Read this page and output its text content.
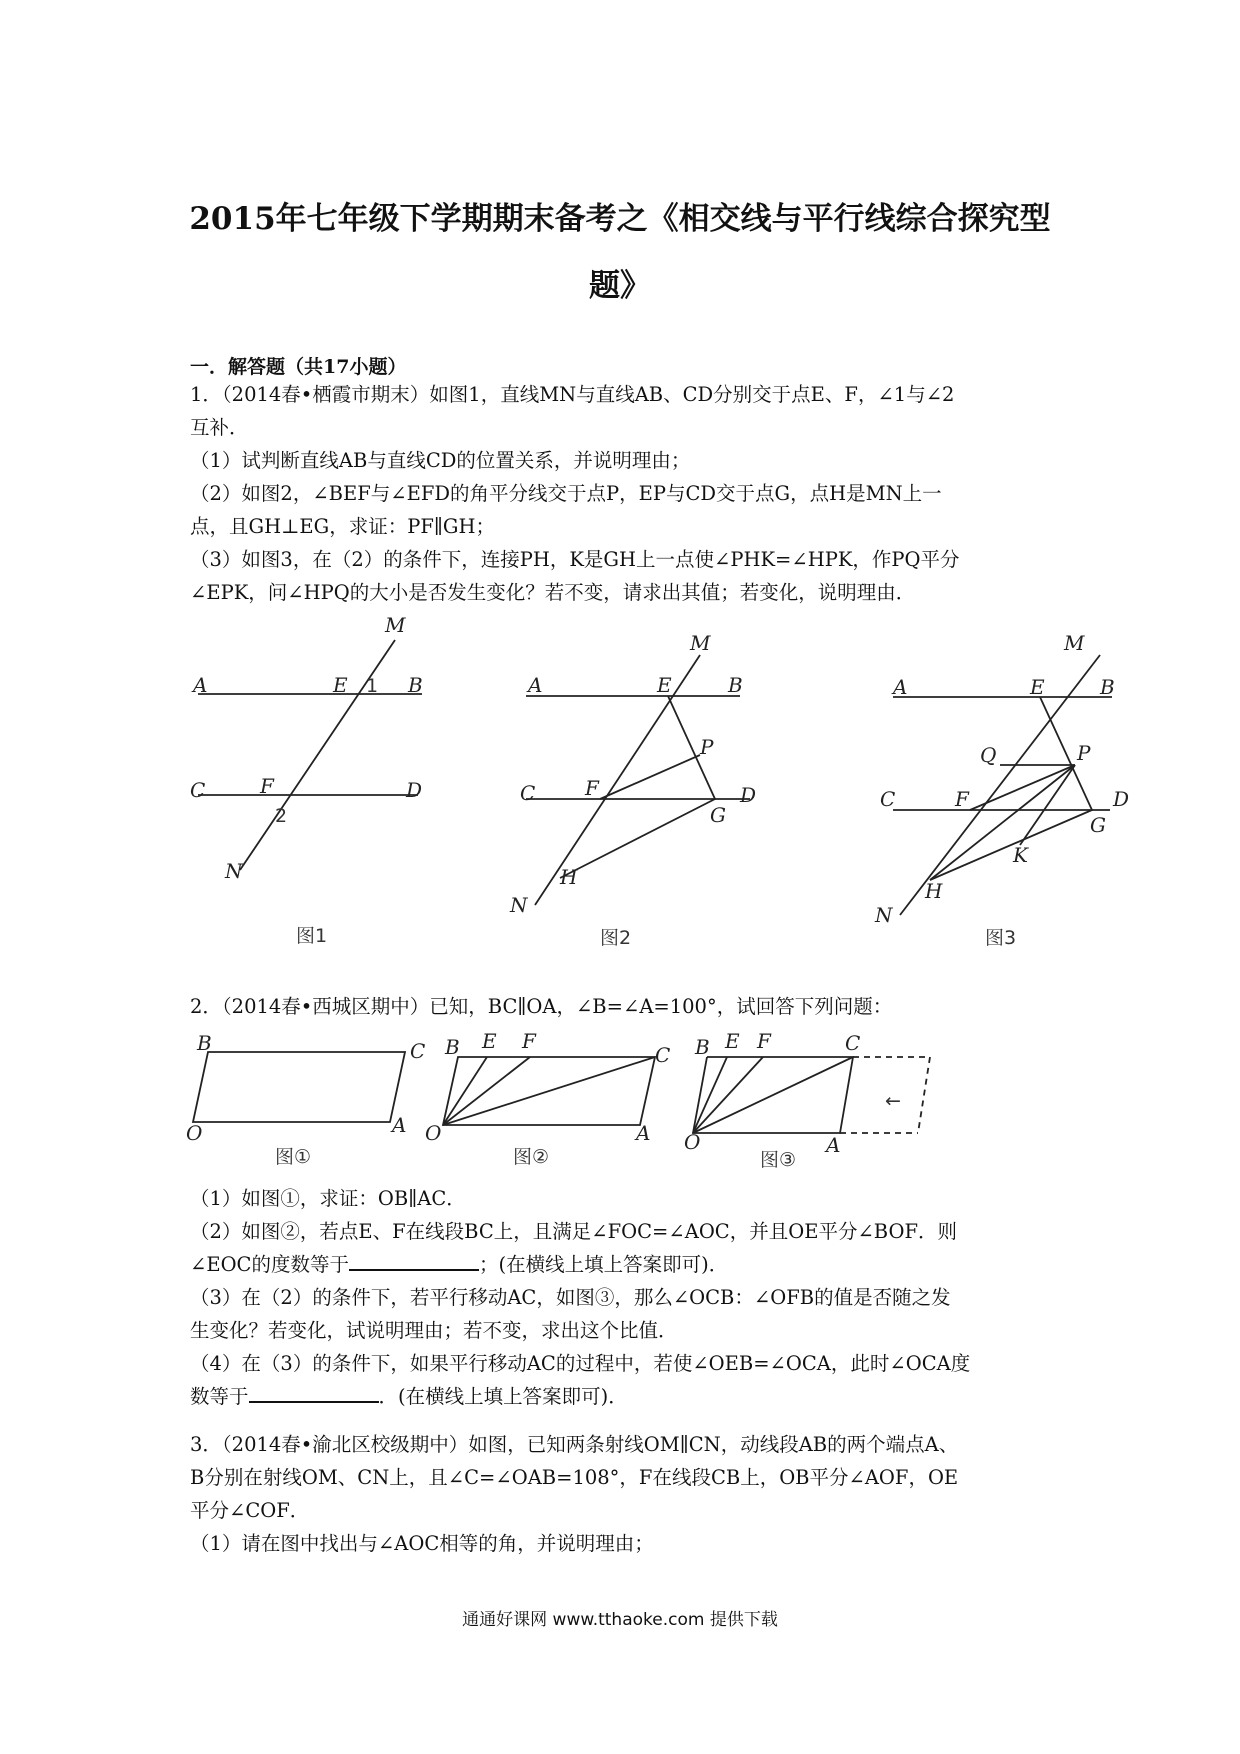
2015年七年级下学期期末备考之《相交线与平行线综合探究型
题》
一．解答题（共17小题）
1．（2014春•栖霞市期末）如图1，直线MN与直线AB、CD分别交于点E、F，∠1与∠2
互补．
（1）试判断直线AB与直线CD的位置关系，并说明理由；
（2）如图2，∠BEF与∠EFD的角平分线交于点P，EP与CD交于点G，点H是MN上一
点，且GH⊥EG，求证：PF∥GH；
（3）如图3，在（2）的条件下，连接PH，K是GH上一点使∠PHK=∠HPK，作PQ平分
∠EPK，问∠HPQ的大小是否发生变化？若不变，请求出其值；若变化，说明理由．
A	B
C	D
E
F
M
N
1
2
图1
A	B
C	D
E
F
M
N
G
H
P
图2
A	B
C	D
E
F
M
N
G
H
P
Q
K
图3
B	C
O	A
图①
B E F
C
O	A
图②
B E F	C
O	A
←
图③
2．（2014春•西城区期中）已知，BC∥OA，∠B=∠A=100°，试回答下列问题：
（1）如图①，求证：OB∥AC．
（2）如图②，若点E、F在线段BC上，且满足∠FOC=∠AOC，并且OE平分∠BOF．则
∠EOC的度数等于	；(在横线上填上答案即可)．
（3）在（2）的条件下，若平行移动AC，如图③，那么∠OCB：∠OFB的值是否随之发
生变化？若变化，试说明理由；若不变，求出这个比值．
（4）在（3）的条件下，如果平行移动AC的过程中，若使∠OEB=∠OCA，此时∠OCA度
数等于	．(在横线上填上答案即可)．
3．（2014春•渝北区校级期中）如图，已知两条射线OM∥CN，动线段AB的两个端点A、
B分别在射线OM、CN上，且∠C=∠OAB=108°，F在线段CB上，OB平分∠AOF，OE
平分∠COF．
（1）请在图中找出与∠AOC相等的角，并说明理由；
通通好课网 www.tthaoke.com 提供下载
